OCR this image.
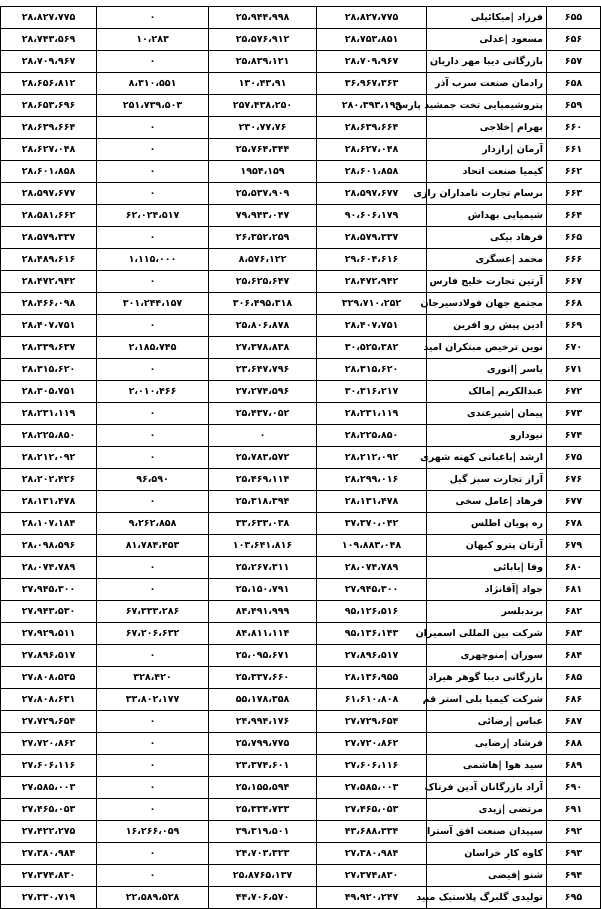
۶۵۵	فرزاد |میکائیلی	۲۸،۸۲۷،۷۷۵	۲۵،۹۴۴،۹۹۸	۰	۲۸،۸۲۷،۷۷۵
۶۵۶	مسعود |عدلی	۲۸،۷۵۳،۸۵۱	۲۵،۵۷۶،۹۱۲	۱۰،۲۸۳	۲۸،۷۴۳،۵۶۹
۶۵۷	بازرگانی دیبا مهر داریان	۲۸،۷۰۹،۹۶۷	۲۵،۸۳۹،۱۲۱	۰	۲۸،۷۰۹،۹۶۷
۶۵۸	رادمان صنعت سرب آذر	۳۶،۹۶۷،۳۶۳	۱۳۰،۴۳،۹۱	۸،۳۱۰،۵۵۱	۲۸،۶۵۶،۸۱۲
۶۵۹	پتروشیمیایی تخت جمشید پارس	۲۸۰،۳۹۳،۱۹۹	۲۵۷،۴۳۸،۲۵۰	۲۵۱،۷۳۹،۵۰۳	۲۸،۶۵۳،۶۹۶
۶۶۰	بهرام |خلاجی	۲۸،۶۳۹،۶۶۴	۲۳۰،۷۷،۷۶	۰	۲۸،۶۳۹،۶۶۴
۶۶۱	آرمان |رازدار	۲۸،۶۲۷،۰۴۸	۲۵،۷۶۴،۳۴۴	۰	۲۸،۶۲۷،۰۴۸
۶۶۲	کیمیا صنعت اتحاد	۲۸،۶۰۱،۸۵۸	۱۹۵۴،۱۵۹	۰	۲۸،۶۰۱،۸۵۸
۶۶۳	برسام تجارت نامداران رازی	۲۸،۵۹۷،۶۷۷	۲۵،۵۳۷،۹۰۹	۰	۲۸،۵۹۷،۶۷۷
۶۶۴	شیمیایی بهداش	۹۰،۶۰۶،۱۷۹	۷۹،۹۴۳،۰۴۷	۶۲،۰۲۴،۵۱۷	۲۸،۵۸۱،۶۶۲
۶۶۵	فرهاد بیکی	۲۸،۵۷۹،۳۳۷	۲۶،۳۵۲،۲۵۹	۰	۲۸،۵۷۹،۳۳۷
۶۶۶	محمد |عسگری	۲۹،۶۰۴،۶۱۶	۸،۵۷۶،۱۲۲	۱،۱۱۵،۰۰۰	۲۸،۴۸۹،۶۱۶
۶۶۷	آرتین تجارت خلیج فارس	۲۸،۴۷۲،۹۴۲	۲۵،۶۲۵،۶۴۷	۰	۲۸،۴۷۲،۹۴۲
۶۶۸	مجتمع جهان فولادسیرجان	۳۲۹،۷۱۰،۲۵۲	۳۰۶،۴۹۵،۳۱۸	۳۰۱،۲۴۴،۱۵۷	۲۸،۴۶۶،۰۹۸
۶۶۹	ادین پیش رو افرین	۲۸،۴۰۷،۷۵۱	۲۵،۸۰۶،۸۷۸	۰	۲۸،۴۰۷،۷۵۱
۶۷۰	نوین ترخیص مبتکران امید	۳۰،۵۲۵،۳۸۲	۲۷،۳۷۸،۸۳۸	۲،۱۸۵،۷۴۵	۲۸،۳۳۹،۶۳۷
۶۷۱	یاسر |انوری	۲۸،۳۱۵،۶۲۰	۲۳،۶۴۷،۷۹۶	۰	۲۸،۳۱۵،۶۲۰
۶۷۲	عبدالکریم |مالک	۳۰،۳۱۶،۲۱۷	۲۷،۲۷۴،۵۹۶	۲،۰۱۰،۴۶۶	۲۸،۳۰۵،۷۵۱
۶۷۳	پیمان |شیرعندی	۲۸،۲۳۱،۱۱۹	۲۵،۴۳۷،۰۵۲	۰	۲۸،۲۳۱،۱۱۹
۶۷۴	نیودارو	۲۸،۲۲۵،۸۵۰	۰	۰	۲۸،۲۲۵،۸۵۰
۶۷۵	ارشد |باغبانی کهنه شهری	۲۸،۲۱۲،۰۹۲	۲۵،۷۸۳،۵۷۲	۰	۲۸،۲۱۲،۰۹۲
۶۷۶	آراز تجارت سبز گیل	۲۸،۲۹۹،۰۱۶	۲۵،۴۶۹،۱۱۴	۹۶،۵۹۰	۲۸،۲۰۲،۴۲۶
۶۷۷	فرهاد |عامل سخی	۲۸،۱۳۱،۴۷۸	۲۵،۳۱۸،۳۹۴	۰	۲۸،۱۳۱،۴۷۸
۶۷۸	ره پویان اطلس	۳۷،۳۷۰،۰۴۲	۳۳،۶۳۳،۰۳۸	۹،۲۶۲،۸۵۸	۲۸،۱۰۷،۱۸۴
۶۷۹	آرتان پترو کیهان	۱۰۹،۸۸۳،۰۴۸	۱۰۳،۶۴۱،۸۱۶	۸۱،۷۸۴،۴۵۳	۲۸،۰۹۸،۵۹۶
۶۸۰	وفا |بابائی	۲۸،۰۷۴،۷۸۹	۲۵،۲۶۷،۳۱۱	۰	۲۸،۰۷۴،۷۸۹
۶۸۱	جواد |آقانژاد	۲۷،۹۴۵،۳۰۰	۲۵،۱۵۰،۷۹۱	۰	۲۷،۹۴۵،۳۰۰
۶۸۲	برندبلسر	۹۵،۱۲۶،۵۱۶	۸۴،۴۹۱،۹۹۹	۶۷،۳۳۳،۲۸۶	۲۷،۹۴۳،۵۳۰
۶۸۳	شرکت بین المللی اسمیران	۹۵،۱۳۶،۱۴۳	۸۴،۸۱۱،۱۱۴	۶۷،۲۰۶،۶۳۲	۲۷،۹۲۹،۵۱۱
۶۸۴	سوران |منوچهری	۲۷،۸۹۶،۵۱۷	۲۵،۰۹۵،۶۷۱	۰	۲۷،۸۹۶،۵۱۷
۶۸۵	بازرگانی دیبا گوهر هیراد	۲۸،۱۳۶،۹۵۵	۲۵،۳۳۷،۶۶۰	۳۲۸،۴۲۰	۲۷،۸۰۸،۵۳۵
۶۸۶	شرکت کیمیا بلی استر قم	۶۱،۶۱۰،۸۰۸	۵۵،۱۷۸،۳۵۸	۳۳،۸۰۲،۱۷۷	۲۷،۸۰۸،۶۳۱
۶۸۷	عباس |رضائی	۲۷،۷۲۹،۶۵۴	۲۴،۹۹۴،۱۷۶	۰	۲۷،۷۲۹،۶۵۴
۶۸۸	فرشاد |رضایی	۲۷،۷۲۰،۸۶۲	۲۵،۷۹۹،۷۷۵	۰	۲۷،۷۲۰،۸۶۲
۶۸۹	سید هوا |هاشمی	۲۷،۶۰۶،۱۱۶	۲۳،۳۷۴،۶۰۱	۰	۲۷،۶۰۶،۱۱۶
۶۹۰	آراد بازرگانان آدین فرتاک	۲۷،۵۸۵،۰۰۳	۲۵،۱۵۵،۵۹۴	۰	۲۷،۵۸۵،۰۰۳
۶۹۱	مرتضی |زیدی	۲۷،۴۶۵،۰۵۳	۲۵،۳۳۴،۷۳۳	۰	۲۷،۴۶۵،۰۵۳
۶۹۲	سپیدان صنعت افق آسترا	۴۳،۶۸۸،۳۳۴	۳۹،۳۱۹،۵۰۱	۱۶،۲۶۶،۰۵۹	۲۷،۴۲۲،۲۷۵
۶۹۳	کاوه کار خراسان	۲۷،۳۸۰،۹۸۴	۲۴،۷۰۳،۳۲۳	۰	۲۷،۳۸۰،۹۸۴
۶۹۴	شنو |فیضی	۲۷،۳۷۴،۸۳۰	۲۵،۸۷۶۵،۱۳۷	۰	۲۷،۳۷۴،۸۳۰
۶۹۵	تولیدی گلبرگ پلاستیک مبید	۴۹،۹۲۰،۲۴۷	۴۴،۷۰۶،۵۷۰	۲۲،۵۸۹،۵۲۸	۲۷،۳۳۰،۷۱۹
